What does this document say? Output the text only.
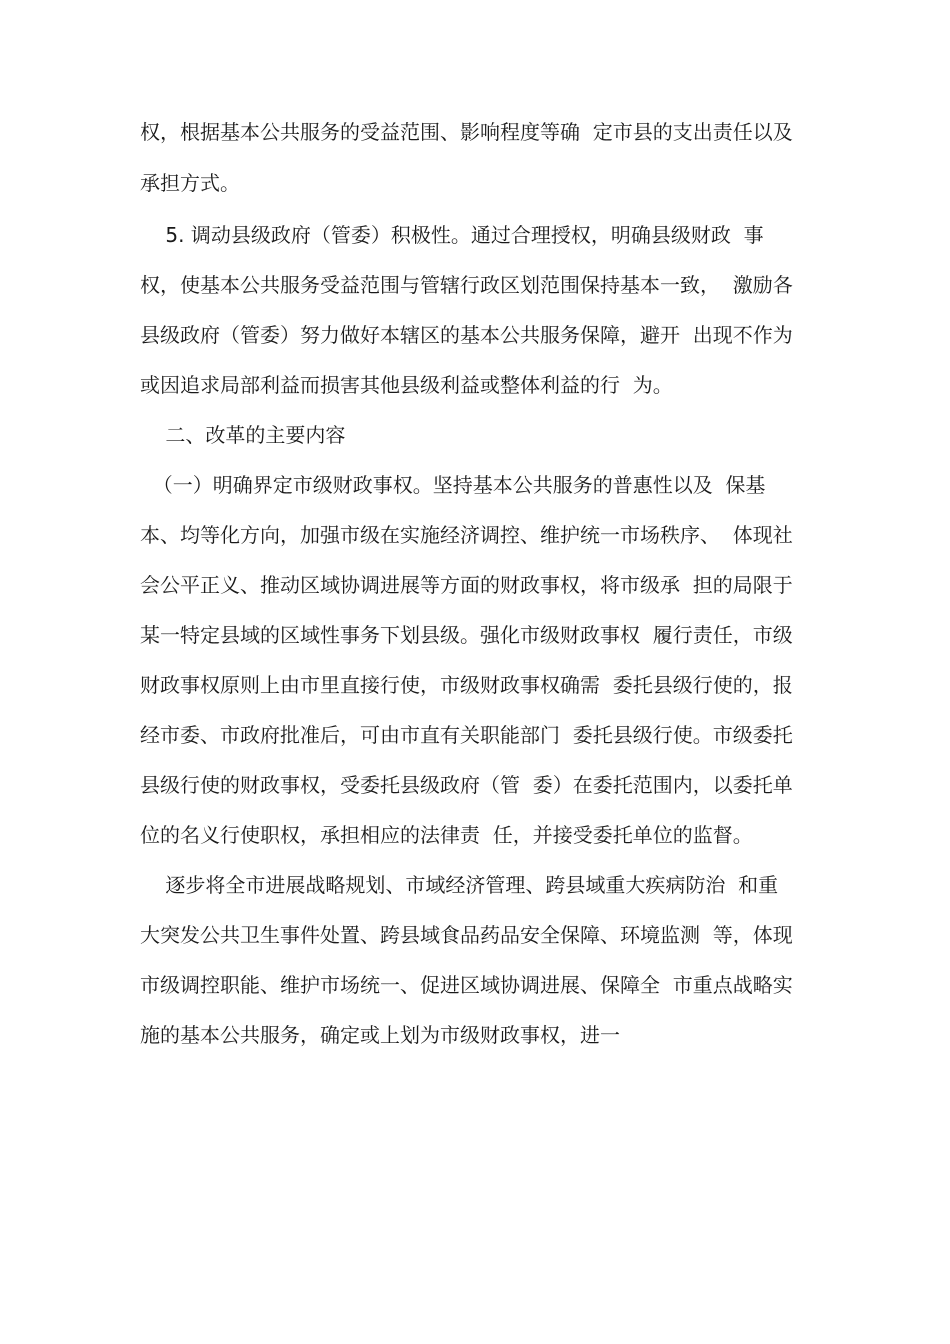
权，根据基本公共服务的受益范围、影响程度等确  定市县的支出责任以及
承担方式。
5. 调动县级政府（管委）积极性。通过合理授权，明确县级财政  事
权，使基本公共服务受益范围与管辖行政区划范围保持基本一致，  激励各
县级政府（管委）努力做好本辖区的基本公共服务保障，避开  出现不作为
或因追求局部利益而损害其他县级利益或整体利益的行  为。
二、改革的主要内容
（一）明确界定市级财政事权。坚持基本公共服务的普惠性以及  保基
本、均等化方向，加强市级在实施经济调控、维护统一市场秩序、  体现社
会公平正义、推动区域协调进展等方面的财政事权，将市级承  担的局限于
某一特定县域的区域性事务下划县级。强化市级财政事权  履行责任，市级
财政事权原则上由市里直接行使，市级财政事权确需  委托县级行使的，报
经市委、市政府批准后，可由市直有关职能部门  委托县级行使。市级委托
县级行使的财政事权，受委托县级政府（管  委）在委托范围内，以委托单
位的名义行使职权，承担相应的法律责  任，并接受委托单位的监督。
逐步将全市进展战略规划、市域经济管理、跨县域重大疾病防治  和重
大突发公共卫生事件处置、跨县域食品药品安全保障、环境监测  等，体现
市级调控职能、维护市场统一、促进区域协调进展、保障全  市重点战略实
施的基本公共服务，确定或上划为市级财政事权，进一
